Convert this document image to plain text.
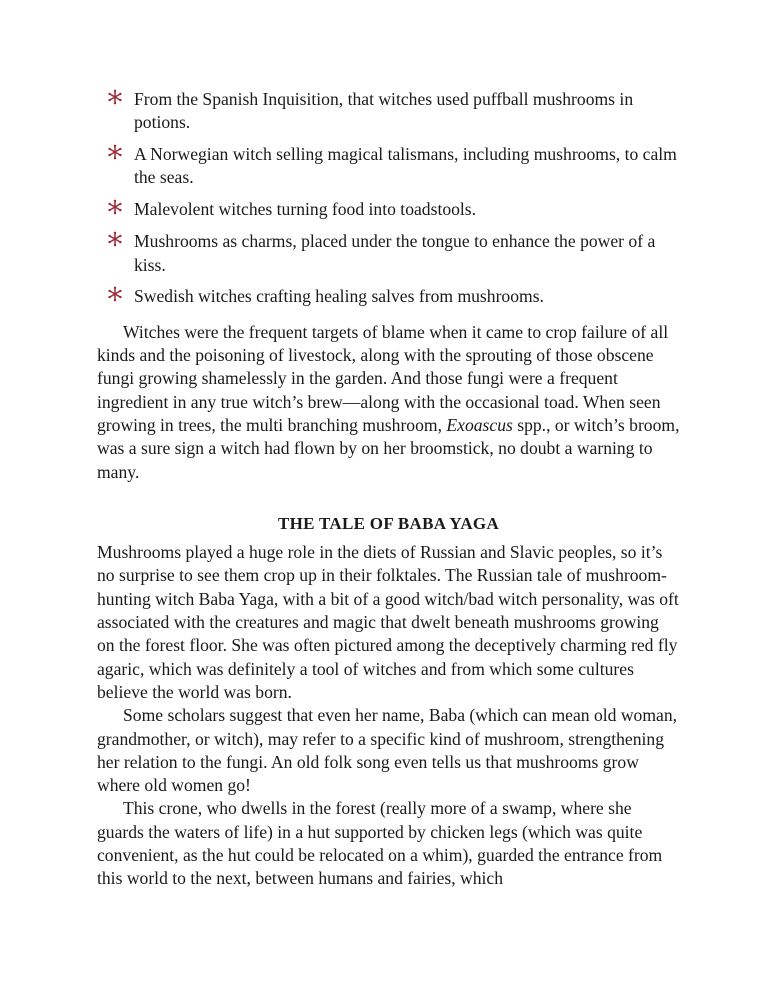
From the Spanish Inquisition, that witches used puffball mushrooms in potions.
A Norwegian witch selling magical talismans, including mushrooms, to calm the seas.
Malevolent witches turning food into toadstools.
Mushrooms as charms, placed under the tongue to enhance the power of a kiss.
Swedish witches crafting healing salves from mushrooms.

Witches were the frequent targets of blame when it came to crop failure of all kinds and the poisoning of livestock, along with the sprouting of those obscene fungi growing shamelessly in the garden. And those fungi were a frequent ingredient in any true witch’s brew—along with the occasional toad. When seen growing in trees, the multi branching mushroom, Exoascus spp., or witch’s broom, was a sure sign a witch had flown by on her broomstick, no doubt a warning to many.

THE TALE OF BABA YAGA

Mushrooms played a huge role in the diets of Russian and Slavic peoples, so it’s no surprise to see them crop up in their folktales. The Russian tale of mushroom-hunting witch Baba Yaga, with a bit of a good witch/bad witch personality, was oft associated with the creatures and magic that dwelt beneath mushrooms growing on the forest floor. She was often pictured among the deceptively charming red fly agaric, which was definitely a tool of witches and from which some cultures believe the world was born.

Some scholars suggest that even her name, Baba (which can mean old woman, grandmother, or witch), may refer to a specific kind of mushroom, strengthening her relation to the fungi. An old folk song even tells us that mushrooms grow where old women go!

This crone, who dwells in the forest (really more of a swamp, where she guards the waters of life) in a hut supported by chicken legs (which was quite convenient, as the hut could be relocated on a whim), guarded the entrance from this world to the next, between humans and fairies, which
